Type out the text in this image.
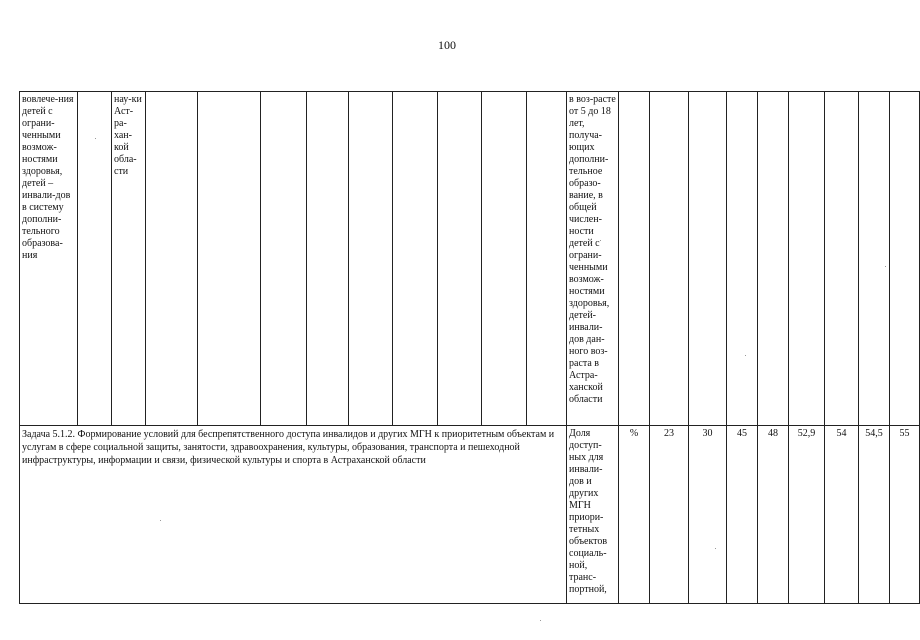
100
вовлече-ния детей с ограни-ченными возмож-ностями здоровья, детей – инвали-дов в систему дополни-тельного образова-ния		нау-ки Аст-ра-хан-кой обла-сти										в воз-расте от 5 до 18 лет, получа-ющих дополни-тельное образо-вание, в общей числен-ности детей с ограни-ченными возмож-ностями здоровья, детей-инвали-дов дан-ного воз-раста в Астра-ханской области									
Задача 5.1.2. Формирование условий для беспрепятственного доступа инвалидов и других МГН к приоритетным объектам и услугам в сфере социальной защиты, занятости, здравоохранения, культуры, образования, транспорта и пешеходной инфраструктуры, информации и связи, физической культуры и спорта в Астраханской области												Доля доступ-ных для инвали-дов и других МГН приори-тетных объектов социаль-ной, транс-портной,	%	23	30	45	48	52,9	54	54,5	55
